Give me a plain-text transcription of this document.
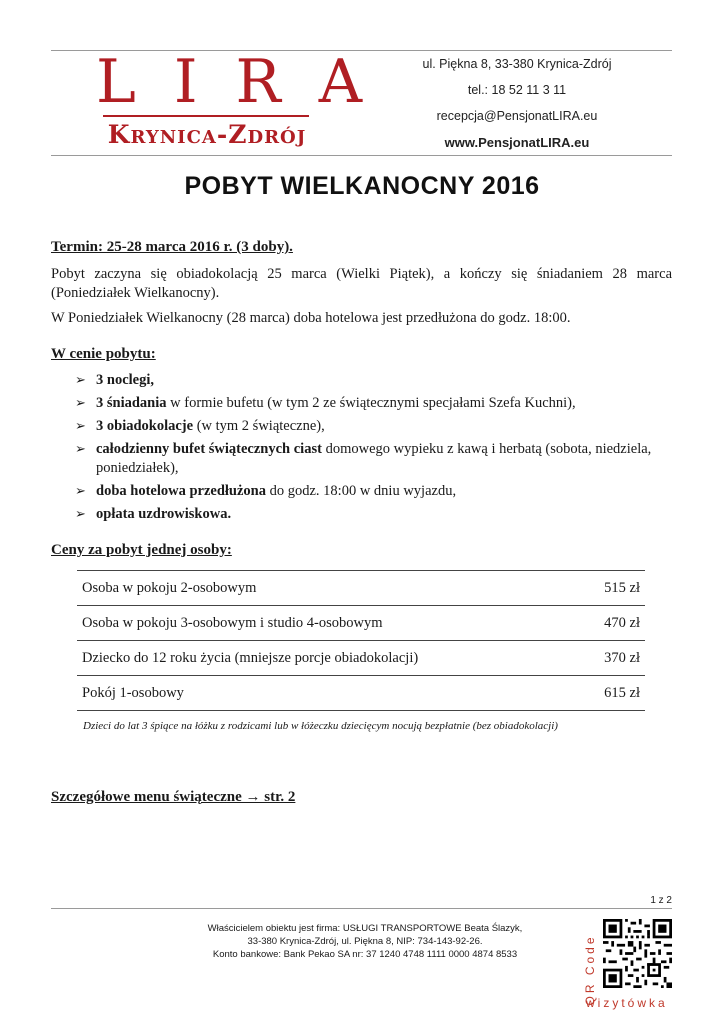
LIRA
Krynica-Zdrój
ul. Piękna 8, 33-380 Krynica-Zdrój
tel.: 18 52 11 3 11
recepcja@PensjonatLIRA.eu
www.PensjonatLIRA.eu
POBYT WIELKANOCNY 2016
Termin: 25-28 marca 2016 r. (3 doby).
Pobyt zaczyna się obiadokolacją 25 marca (Wielki Piątek), a kończy się śniadaniem 28 marca (Poniedziałek Wielkanocny).
W Poniedziałek Wielkanocny (28 marca) doba hotelowa jest przedłużona do godz. 18:00.
W cenie pobytu:
➢ 3 noclegi,
➢ 3 śniadania w formie bufetu (w tym 2 ze świątecznymi specjałami Szefa Kuchni),
➢ 3 obiadokolacje (w tym 2 świąteczne),
➢ całodzienny bufet świątecznych ciast domowego wypieku z kawą i herbatą (sobota, niedziela, poniedziałek),
➢ doba hotelowa przedłużona do godz. 18:00 w dniu wyjazdu,
➢ opłata uzdrowiskowa.
Ceny za pobyt jednej osoby:
Osoba w pokoju 2-osobowym	515 zł
Osoba w pokoju 3-osobowym i studio 4-osobowym	470 zł
Dziecko do 12 roku życia (mniejsze porcje obiadokolacji)	370 zł
Pokój 1-osobowy	615 zł
Dzieci do lat 3 śpiące na łóżku z rodzicami lub w łóżeczku dziecięcym nocują bezpłatnie (bez obiadokolacji)
Szczegółowe menu świąteczne → str. 2
1 z 2
Właścicielem obiektu jest firma: USŁUGI TRANSPORTOWE Beata Ślazyk,
33-380 Krynica-Zdrój, ul. Piękna 8, NIP: 734-143-92-26.
Konto bankowe: Bank Pekao SA nr: 37 1240 4748 1111 0000 4874 8533	QR Code
wizytówka
